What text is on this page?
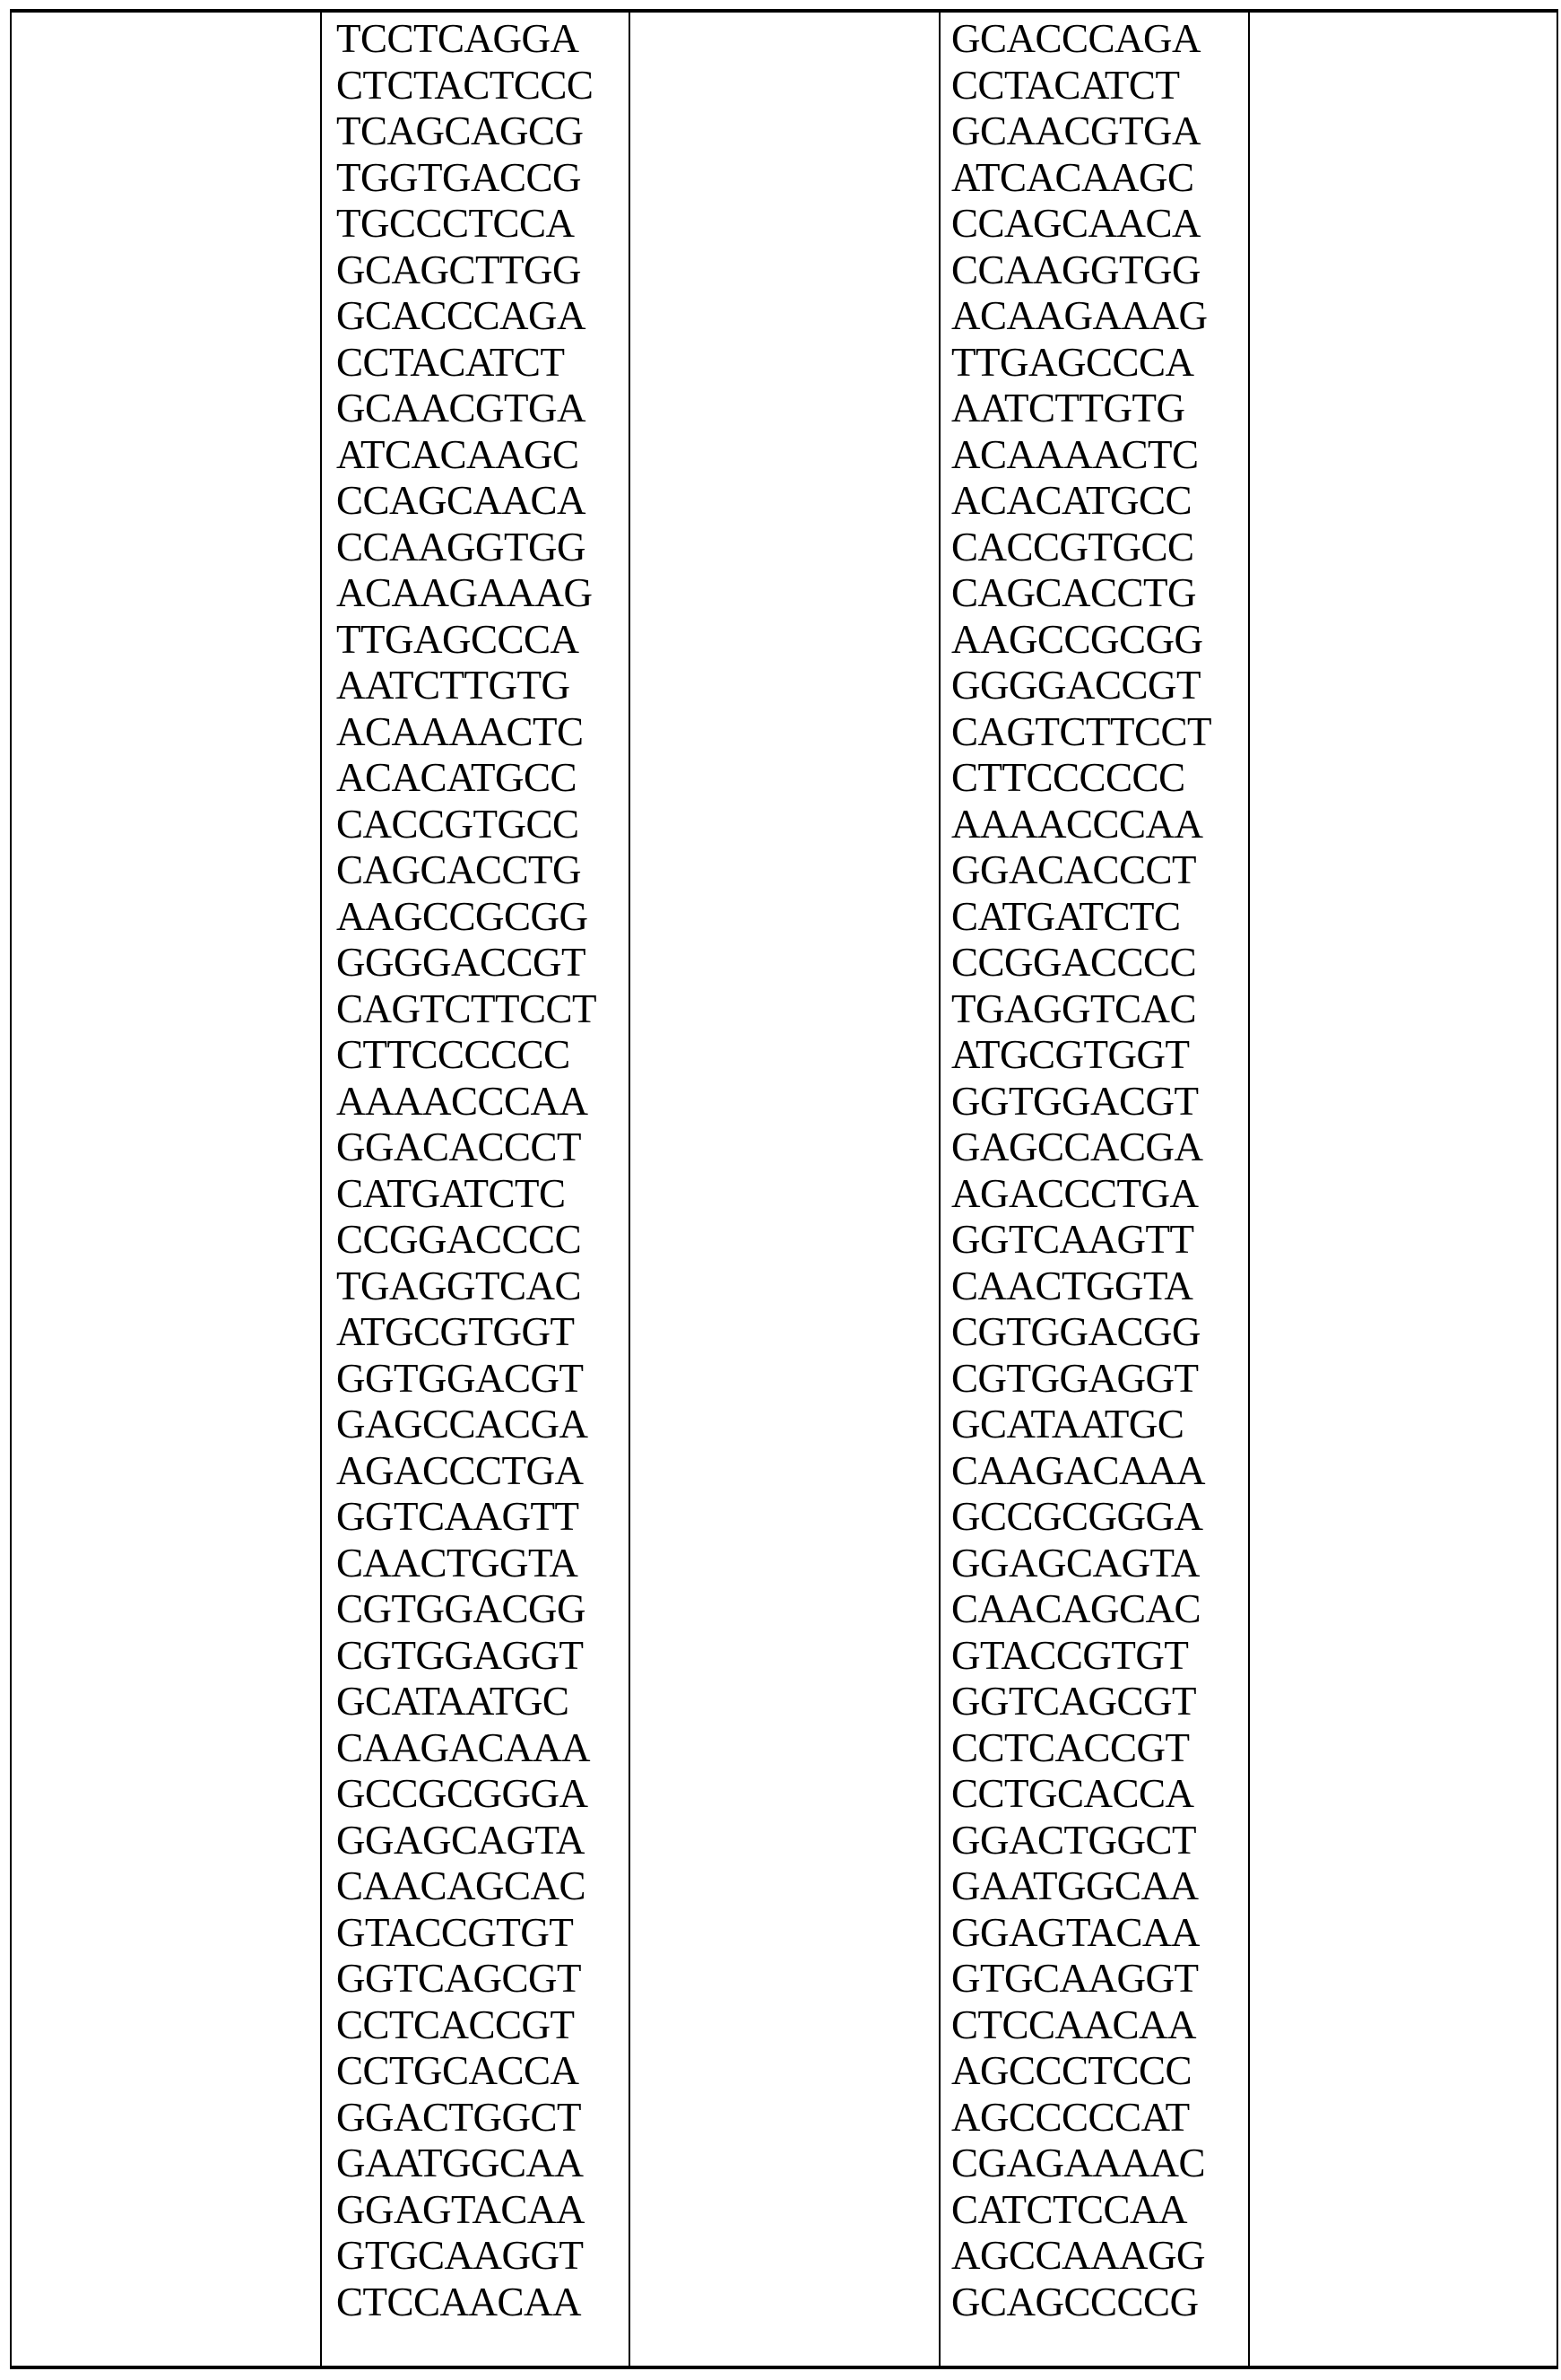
TCCTCAGGA
CTCTACTCCC
TCAGCAGCG
TGGTGACCG
TGCCCTCCA
GCAGCTTGG
GCACCCAGA
CCTACATCT
GCAACGTGA
ATCACAAGC
CCAGCAACA
CCAAGGTGG
ACAAGAAAG
TTGAGCCCA
AATCTTGTG
ACAAAACTC
ACACATGCC
CACCGTGCC
CAGCACCTG
AAGCCGCGG
GGGGACCGT
CAGTCTTCCT
CTTCCCCCC
AAAACCCAA
GGACACCCT
CATGATCTC
CCGGACCCC
TGAGGTCAC
ATGCGTGGT
GGTGGACGT
GAGCCACGA
AGACCCTGA
GGTCAAGTT
CAACTGGTA
CGTGGACGG
CGTGGAGGT
GCATAATGC
CAAGACAAA
GCCGCGGGA
GGAGCAGTA
CAACAGCAC
GTACCGTGT
GGTCAGCGT
CCTCACCGT
CCTGCACCA
GGACTGGCT
GAATGGCAA
GGAGTACAA
GTGCAAGGT
CTCCAACAA
GCACCCAGA
CCTACATCT
GCAACGTGA
ATCACAAGC
CCAGCAACA
CCAAGGTGG
ACAAGAAAG
TTGAGCCCA
AATCTTGTG
ACAAAACTC
ACACATGCC
CACCGTGCC
CAGCACCTG
AAGCCGCGG
GGGGACCGT
CAGTCTTCCT
CTTCCCCCC
AAAACCCAA
GGACACCCT
CATGATCTC
CCGGACCCC
TGAGGTCAC
ATGCGTGGT
GGTGGACGT
GAGCCACGA
AGACCCTGA
GGTCAAGTT
CAACTGGTA
CGTGGACGG
CGTGGAGGT
GCATAATGC
CAAGACAAA
GCCGCGGGA
GGAGCAGTA
CAACAGCAC
GTACCGTGT
GGTCAGCGT
CCTCACCGT
CCTGCACCA
GGACTGGCT
GAATGGCAA
GGAGTACAA
GTGCAAGGT
CTCCAACAA
AGCCCTCCC
AGCCCCCAT
CGAGAAAAC
CATCTCCAA
AGCCAAAGG
GCAGCCCCG
